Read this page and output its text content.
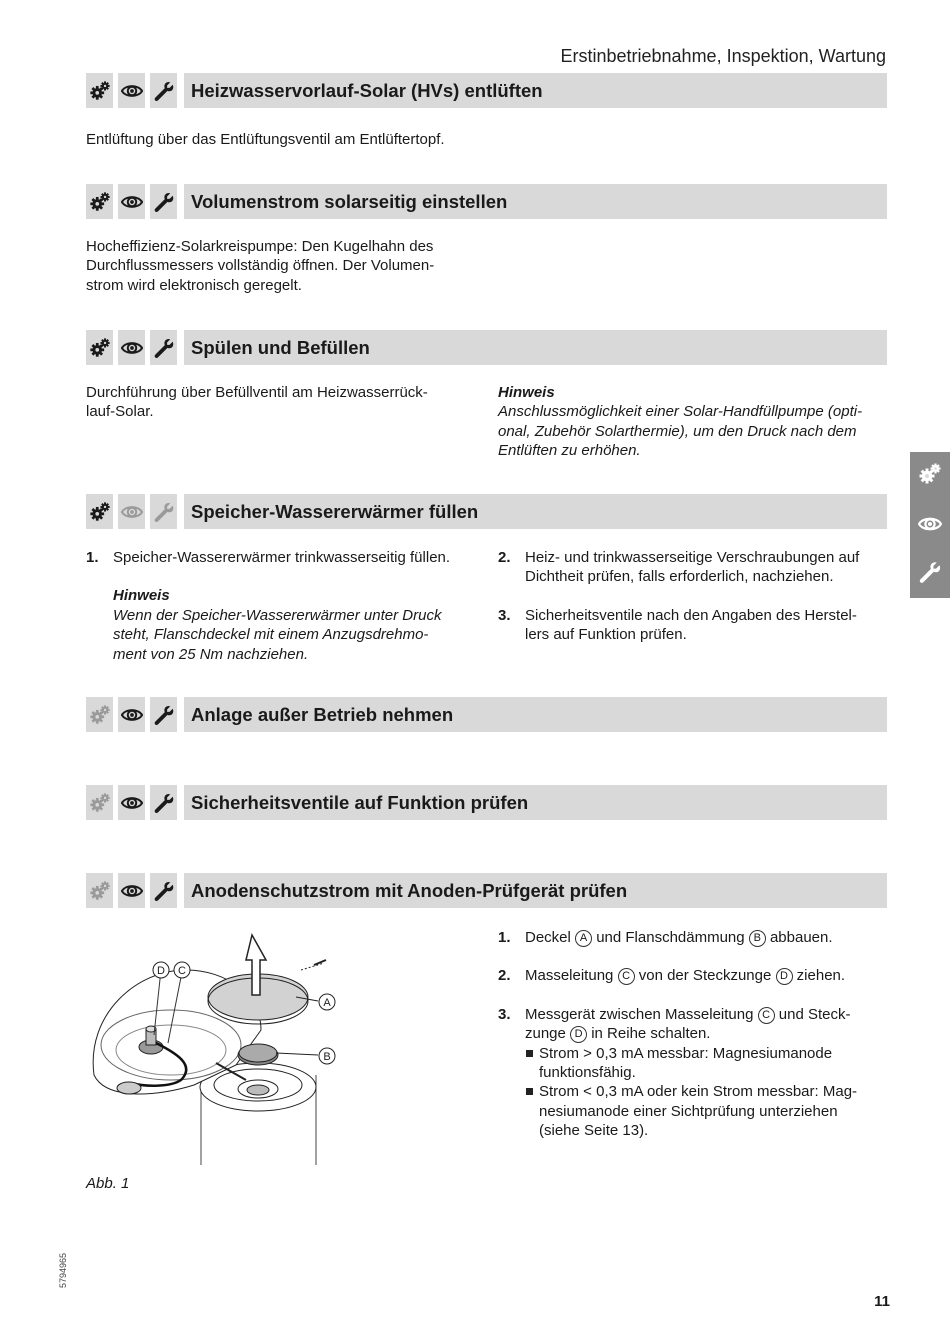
Erstinbetriebnahme, Inspektion, Wartung
Heizwasservorlauf-Solar (HVs) entlüften
Entlüftung über das Entlüftungsventil am Entlüftertopf.
Volumenstrom solarseitig einstellen
Hocheffizienz-Solarkreispumpe: Den Kugelhahn des
Durchflussmessers vollständig öffnen. Der Volumen-
strom wird elektronisch geregelt.
Spülen und Befüllen
Durchführung über Befüllventil am Heizwasserrück-
lauf-Solar.
Hinweis
Anschlussmöglichkeit einer Solar-Handfüllpumpe (opti-
onal, Zubehör Solarthermie), um den Druck nach dem
Entlüften zu erhöhen.
Speicher-Wassererwärmer füllen
1. Speicher-Wassererwärmer trinkwasserseitig füllen.
Hinweis
Wenn der Speicher-Wassererwärmer unter Druck
steht, Flanschdeckel mit einem Anzugsdrehmo-
ment von 25 Nm nachziehen.
2. Heiz- und trinkwasserseitige Verschraubungen auf
Dichtheit prüfen, falls erforderlich, nachziehen.
3. Sicherheitsventile nach den Angaben des Herstel-
lers auf Funktion prüfen.
Anlage außer Betrieb nehmen
Sicherheitsventile auf Funktion prüfen
Anodenschutzstrom mit Anoden-Prüfgerät prüfen
1. Deckel A und Flanschdämmung B abbauen.
2. Masseleitung C von der Steckzunge D ziehen.
3. Messgerät zwischen Masseleitung C und Steck-
zunge D in Reihe schalten.
Strom > 0,3 mA messbar: Magnesiumanode
funktionsfähig.
Strom < 0,3 mA oder kein Strom messbar: Mag-
nesiumanode einer Sichtprüfung unterziehen
(siehe Seite 13).
A
B
D C
Abb. 1
5794965
11
